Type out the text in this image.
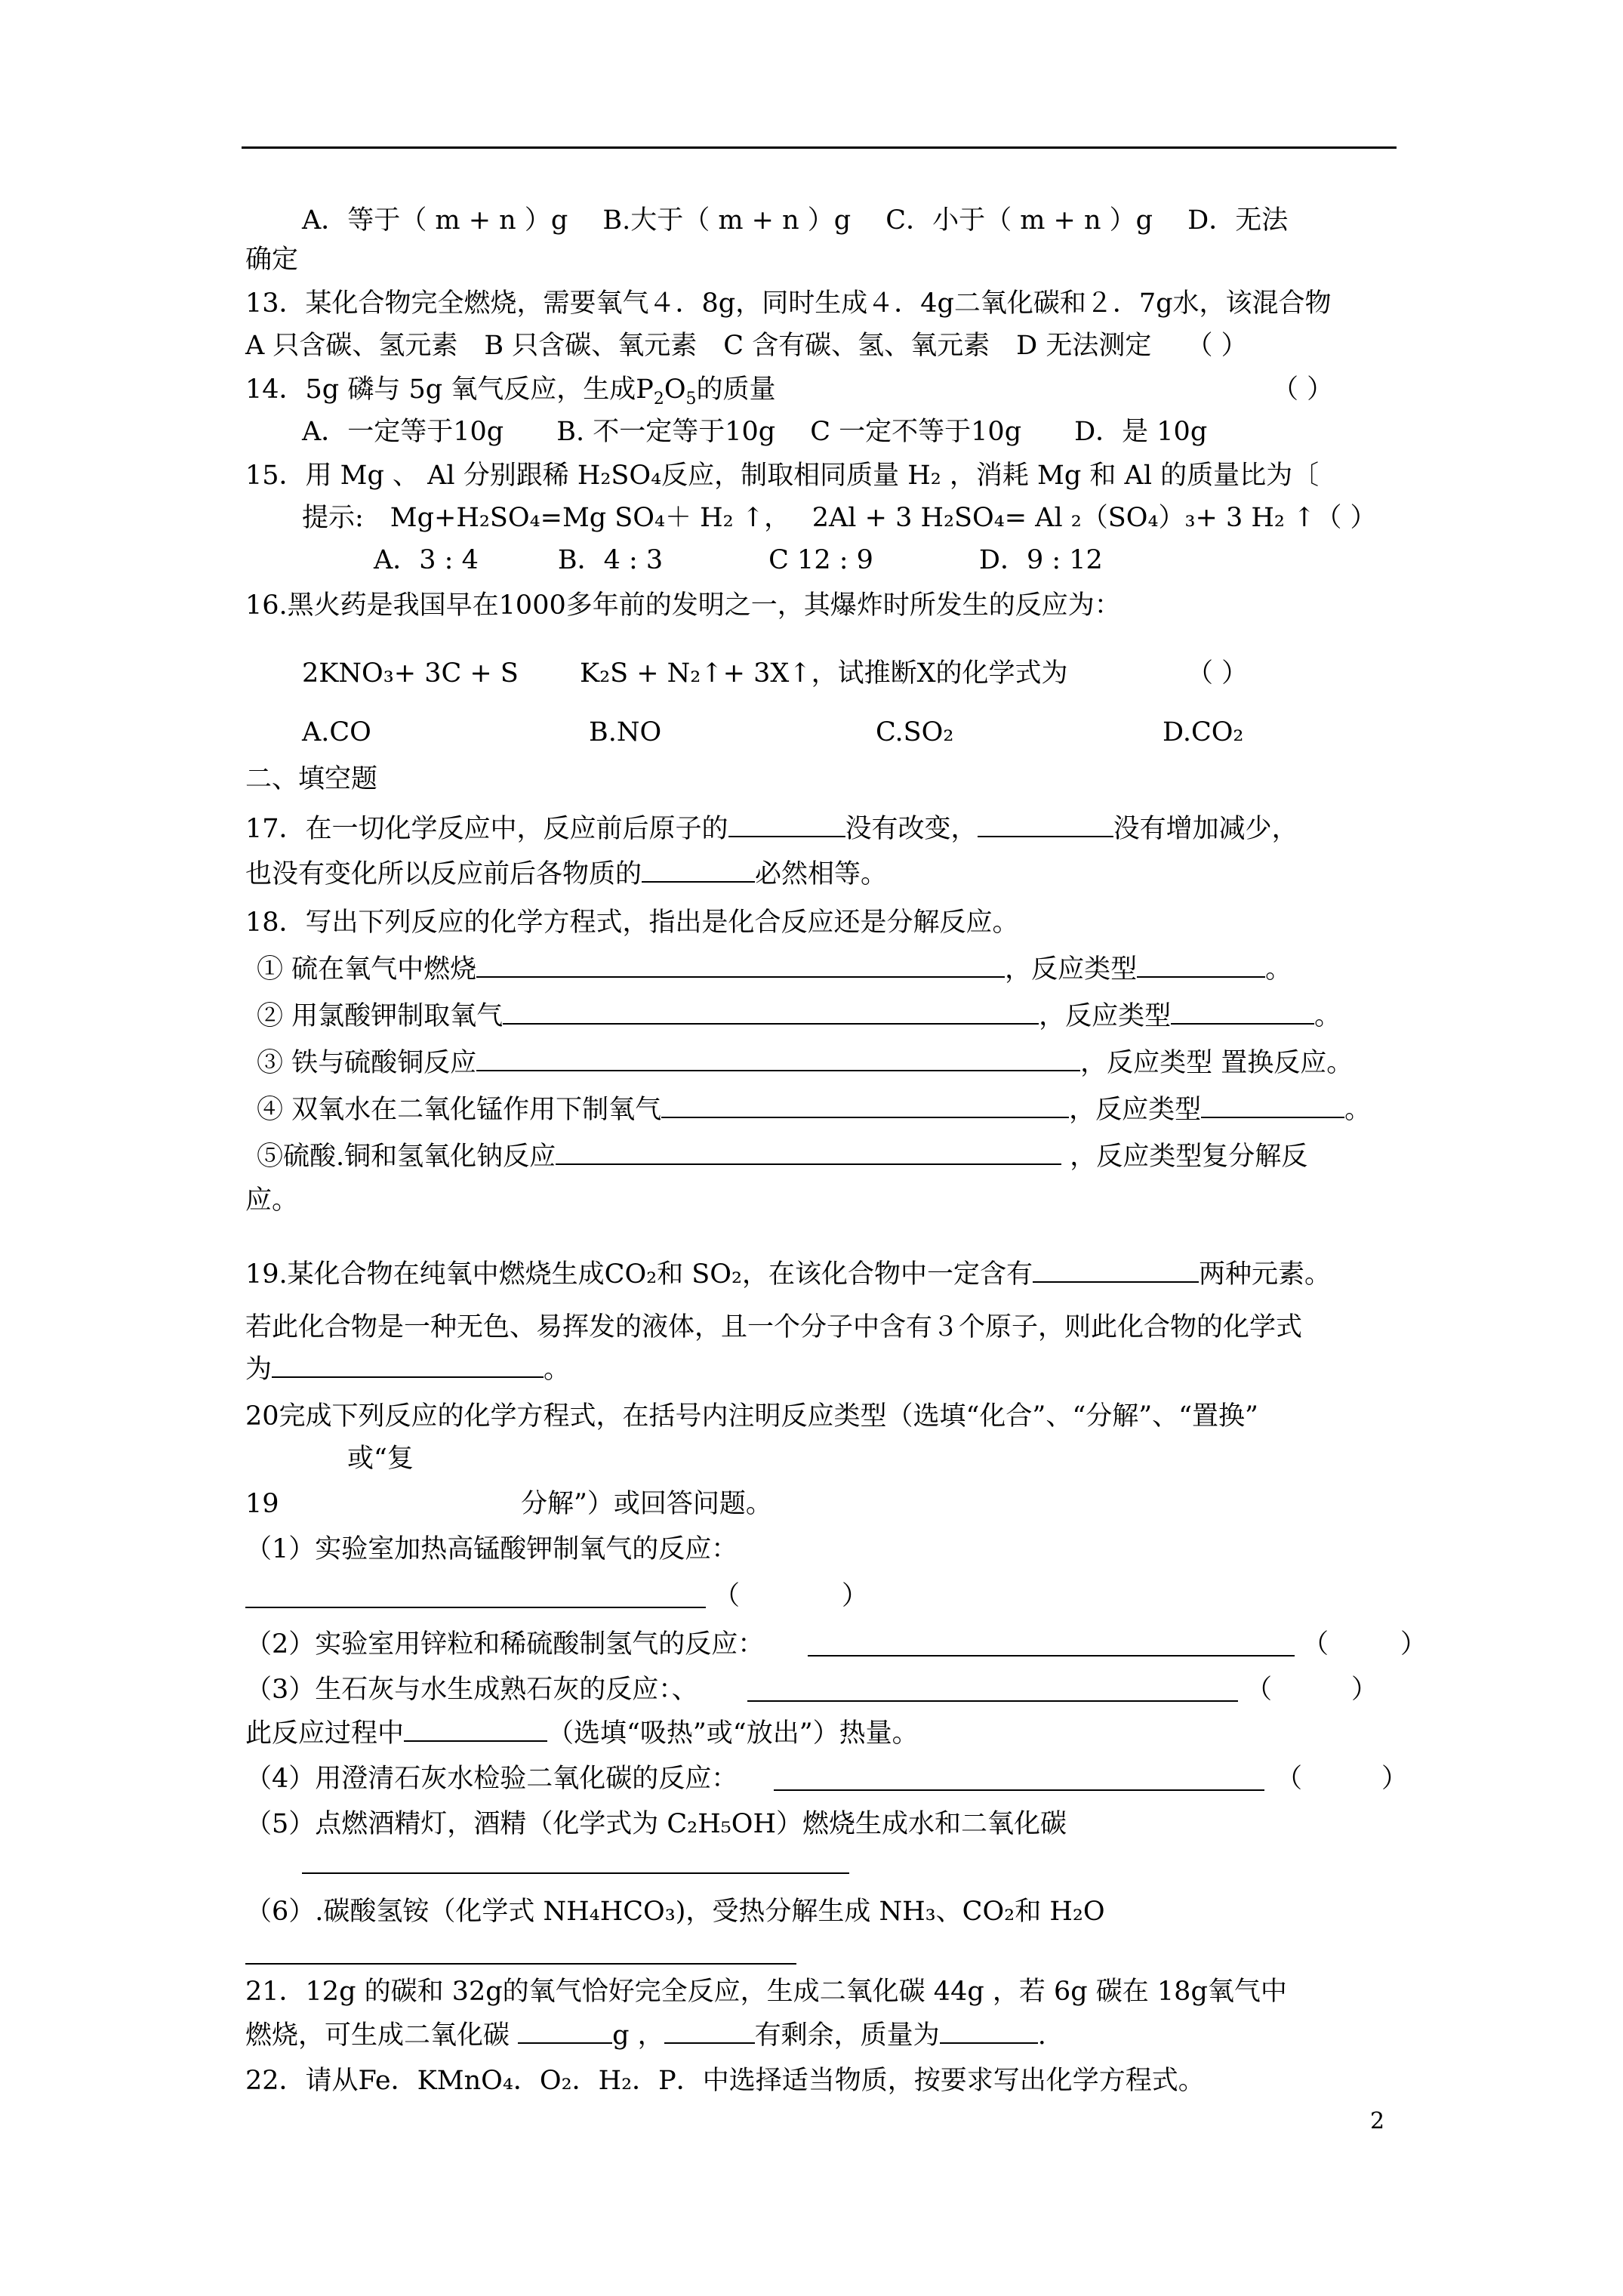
A．等于（ m + n ）g　 B.大于（ m + n ）g　 C．小于（ m + n ）g　 D．无法
确定
13．某化合物完全燃烧，需要氧气４．8g，同时生成４．4g二氧化碳和２．7g水，该混合物
A 只含碳、氢元素　B 只含碳、氧元素　C 含有碳、氢、氧元素　D 无法测定　 （ ）
14．5g 磷与 5g 氧气反应，生成$P_2O_5$的质量	（ ）
A．一定等于10g　　B. 不一定等于10g　 C 一定不等于10g　　D．是 10g
15．用 Mg 、 Al 分别跟稀 H₂SO₄反应，制取相同质量 H₂ ，消耗 Mg 和 Al 的质量比为〔
提示:　Mg+H₂SO₄=Mg SO₄＋ H₂ ↑，　 2Al + 3 H₂SO₄= Al ₂（SO₄）₃+ 3 H₂ ↑（ ）
A．3 : 4　　　B．4 : 3　　　　C 12 : 9　　　　D．9 : 12
16.黑火药是我国早在1000多年前的发明之一，其爆炸时所发生的反应为：
2KNO₃+ 3C + S　　 K₂S + N₂↑+ 3X↑，试推断X的化学式为　　　　　（ ）
A.CO	B.NO	C.SO₂	D.CO₂
二、填空题
17．在一切化学反应中，反应前后原子的	没有改变，	没有增加减少，
也没有变化所以反应前后各物质的	必然相等。
18．写出下列反应的化学方程式，指出是化合反应还是分解反应。
① 硫在氧气中燃烧	，反应类型	。
② 用氯酸钾制取氧气	，反应类型	。
③ 铁与硫酸铜反应	，反应类型 置换反应。
④ 双氧水在二氧化锰作用下制氧气	，反应类型	。
⑤硫酸.铜和氢氧化钠反应	，反应类型复分解反
应。
19.某化合物在纯氧中燃烧生成CO₂和 SO₂，在该化合物中一定含有	两种元素。
若此化合物是一种无色、易挥发的液体，且一个分子中含有３个原子，则此化合物的化学式
为	。
20完成下列反应的化学方程式，在括号内注明反应类型（选填“化合”、“分解”、“置换”
或“复
19	分解”）或回答问题。
（1）实验室加热高锰酸钾制氧气的反应：
（	）
（2）实验室用锌粒和稀硫酸制氢气的反应：	（	）
（3）生石灰与水生成熟石灰的反应：、	（	）
此反应过程中	（选填“吸热”或“放出”）热量。
（4）用澄清石灰水检验二氧化碳的反应：	（	）
（5）点燃酒精灯，酒精（化学式为 C₂H₅OH）燃烧生成水和二氧化碳
（6）.碳酸氢铵（化学式 NH₄HCO₃)，受热分解生成 NH₃、CO₂和 H₂O
21．12g 的碳和 32g的氧气恰好完全反应，生成二氧化碳 44g ，若 6g 碳在 18g氧气中
燃烧，可生成二氧化碳	g ，	有剩余，质量为	.
22．请从Fe．KMnO₄．O₂．H₂．P．中选择适当物质，按要求写出化学方程式。
2
